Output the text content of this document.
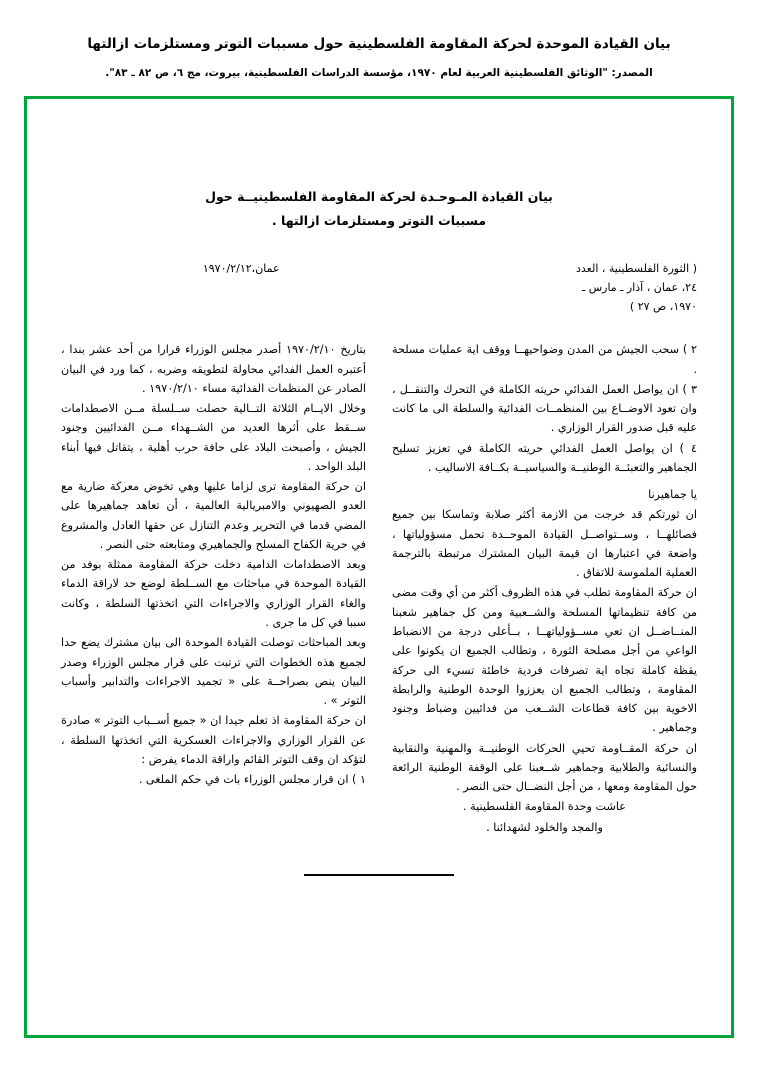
بيان القيادة الموحدة لحركة المقاومة الفلسطينية حول مسببات التوتر ومستلزمات ازالتها
المصدر: "الوثائق الفلسطينية العربية لعام ١٩٧٠، مؤسسة الدراسات الفلسطينية، بيروت، مج ٦، ص ٨٢ ـ ٨٣".
بيان القيادة المـوحـدة لحركة المقاومة الفلسطينيــة حول
مسببات التوتر ومستلزمات ازالتها .
( الثورة الفلسطينية ، العدد
٢٤، عمان ، آذار ـ مارس ـ
١٩٧٠، ص ٢٧ )
عمان،١٩٧٠/٢/١٢

٢ ) سحب الجيش من المدن وضواحيهــا ووقف اية عمليات مسلحة .

٣ ) ان يواصل العمل الفدائي حريته الكاملة في التحرك والتنقــل ، وان تعود الاوضــاع بين المنظمــات الفدائية والسلطة الى ما كانت عليه قبل صدور القرار الوزاري .

٤ ) ان يواصل العمل الفدائي حريته الكاملة في تعزيز تسليح الجماهير والتعبئــة الوطنيــة والسياسيــة بكــافة الاساليب .

يا جماهيرنا

ان ثورتكم قد خرجت من الازمة أكثر صلابة وتماسكا بين جميع فصائلهــا ، وســتواصــل القيادة الموحــدة تحمل مسؤولياتها ، واضعة في اعتبارها ان قيمة البيان المشترك مرتبطة بالترجمة العملية الملموسة للاتفاق .

ان حركة المقاومة تطلب في هذه الظروف أكثر من أي وقت مضى من كافة تنظيماتها المسلحة والشــعبية ومن كل جماهير شعبنا المنــاضــل ان تعي مســؤولياتهــا ، بــأعلى درجة من الانضباط الواعي من أجل مصلحة الثورة ، وتطالب الجميع ان يكونوا على يقظة كاملة تجاه اية تصرفات فردية خاطئة تسيء الى حركة المقاومة ، وتطالب الجميع ان يعززوا الوحدة الوطنية والرابطة الاخوية بين كافة قطاعات الشــعب من فدائيين وضباط وجنود وجماهير .

ان حركة المقــاومة تحيي الحركات الوطنيــة والمهنية والنقابية والنسائية والطلابية وجماهير شــعبنا على الوقفة الوطنية الرائعة حول المقاومة ومعها ، من أجل النضــال حتى النصر .

عاشت وحدة المقاومة الفلسطينية .

والمجد والخلود لشهدائنا .

بتاريخ ١٩٧٠/٢/١٠ أصدر مجلس الوزراء قرارا من أحد عشر بندا ، أعتبره العمل الفدائي محاولة لتطويقه وضربه ، كما ورد في البيان الصادر عن المنظمات الفدائية مساء ١٩٧٠/٢/١٠ .

وخلال الايــام الثلاثة التــالية حصلت ســلسلة مــن الاصطدامات ســقط على أثرها العديد من الشــهداء مــن الفدائيين وجنود الجيش ، وأصبحت البلاد على حافة حرب أهلية ، يتقاتل فيها أبناء البلد الواحد .

ان حركة المقاومة ترى لزاما عليها وهي تخوض معركة ضارية مع العدو الصهيوني والامبريالية العالمية ، أن تعاهد جماهيرها على المضي قدما في التحرير وعدم التنازل عن حقها العادل والمشروع في حرية الكفاح المسلح والجماهيري ومتابعته حتى النصر .

وبعد الاصطدامات الدامية دخلت حركة المقاومة ممثلة بوفد من القيادة الموحدة في مباحثات مع الســلطة لوضع حد لاراقة الدماء والغاء القرار الوزاري والاجراءات التي اتخذتها السلطة ، وكانت سببا في كل ما جرى .

وبعد المباحثات توصلت القيادة الموحدة الى بيان مشترك يضع حدا لجميع هذه الخطوات التي ترتبت على قرار مجلس الوزراء وصدر البيان ينص بصراحــة على « تجميد الاجراءات والتدابير وأسباب التوتر » .

ان حركة المقاومة اذ تعلم جيدا ان « جميع أســباب التوتر » صادرة عن القرار الوزاري والاجراءات العسكرية التي اتخذتها السلطة ، لتؤكد ان وقف التوتر القائم واراقة الدماء يفرض :

١ ) ان قرار مجلس الوزراء بات في حكم الملغى .
